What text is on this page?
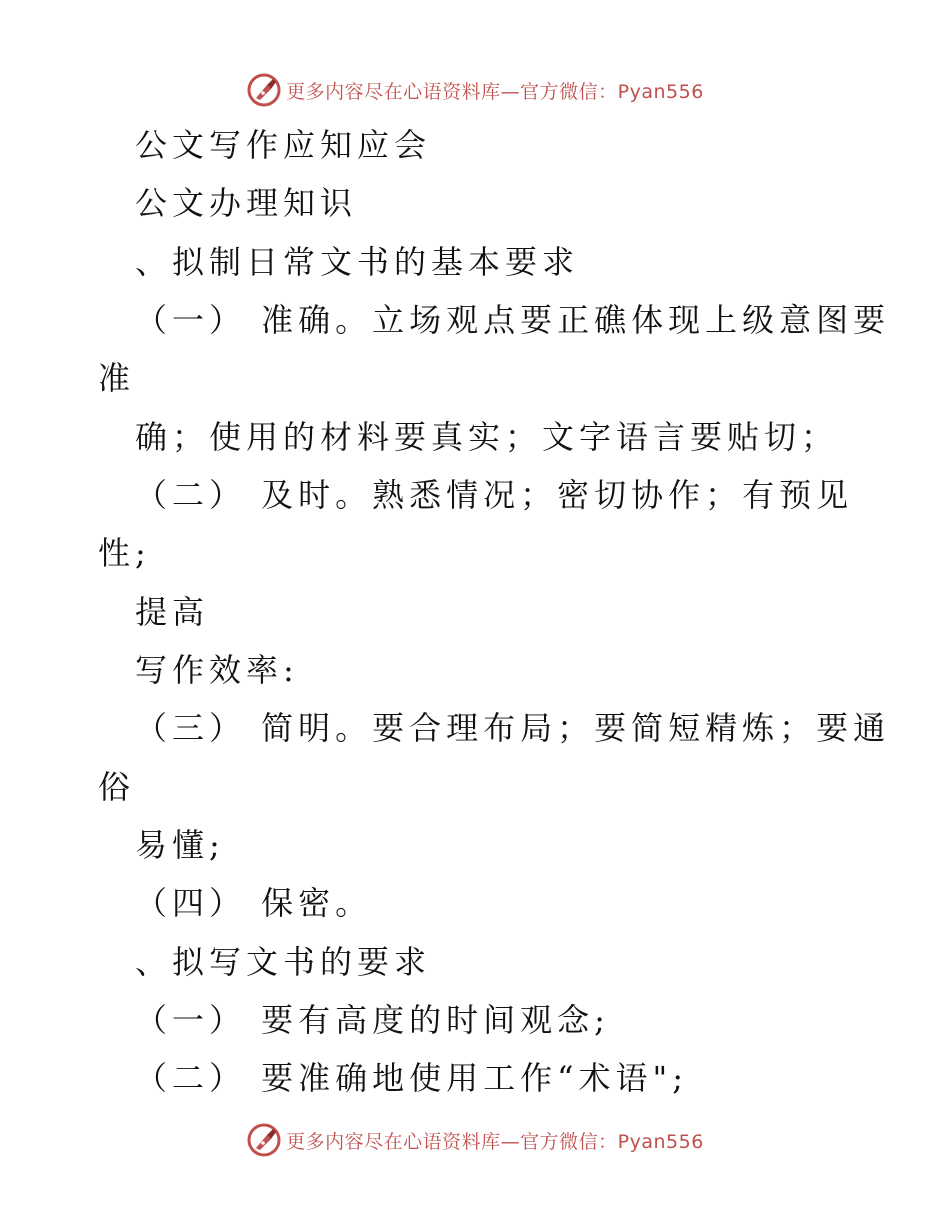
更多内容尽在心语资料库—官方微信：Pyan556
公文写作应知应会
公文办理知识
、拟制日常文书的基本要求
（一） 准确。立场观点要正礁体现上级意图要
准
确；使用的材料要真实；文字语言要贴切；
（二） 及时。熟悉情况；密切协作；有预见
性;
提高
写作效率:
（三） 简明。要合理布局；要简短精炼；要通
俗
易懂;
（四） 保密。
、拟写文书的要求
（一） 要有高度的时间观念;
（二） 要准确地使用工作“术语";
更多内容尽在心语资料库—官方微信：Pyan556
